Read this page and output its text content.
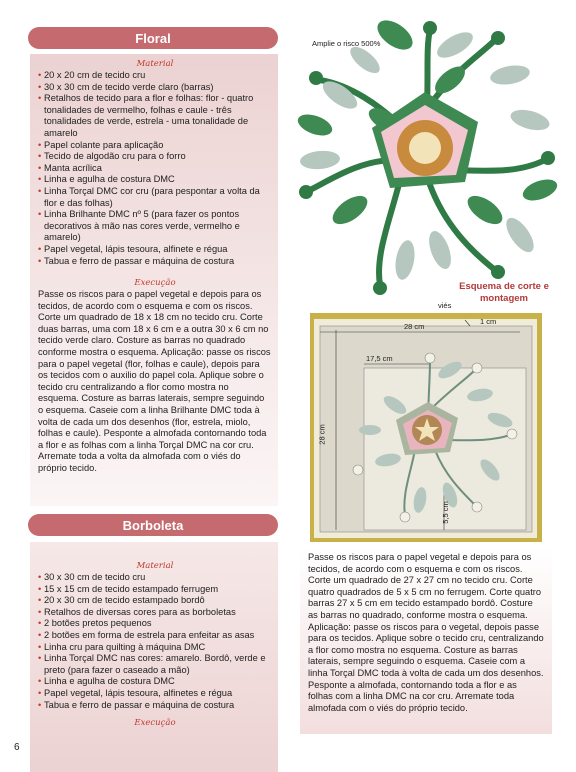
Floral
Material
• 20 x 20 cm de tecido cru
• 30 x 30 cm de tecido verde claro (barras)
• Retalhos de tecido para a flor e folhas: flor - quatro tonalidades de vermelho, folhas e caule - três tonalidades de verde, estrela - uma tonalidade de amarelo
• Papel colante para aplicação
• Tecido de algodão cru para o forro
• Manta acrílica
• Linha e agulha de costura DMC
• Linha Torçal DMC cor cru (para pespontar a volta da flor e das folhas)
• Linha Brilhante DMC nº 5 (para fazer os pontos decorativos à mão nas cores verde, vermelho e amarelo)
• Papel vegetal, lápis tesoura, alfinete e régua
• Tabua e ferro de passar e máquina de costura
Execução

Passe os riscos para o papel vegetal e depois para os tecidos, de acordo com o esquema e com os riscos. Corte um quadrado de 18 x 18 cm no tecido cru. Corte duas barras, uma com 18 x 6 cm e a outra 30 x 6 cm no tecido verde claro. Costure as barras no quadrado conforme mostra o esquema. Aplicação: passe os riscos para o papel vegetal (flor, folhas e caule), depois para os tecidos com o auxilio do papel cola. Aplique sobre o tecido cru centralizando a flor como mostra no esquema. Costure as barras laterais, sempre seguindo o esquema. Caseie com a linha Brilhante DMC toda à volta de cada um dos desenhos (flor, estrela, miolo, folhas e caule). Pesponte a almofada contornando toda a flor e as folhas com a linha Torçal DMC na cor cru. Arremate toda a volta da almofada com o viés do próprio tecido.

Borboleta
Material
• 30 x 30 cm de tecido cru
• 15 x 15 cm de tecido estampado ferrugem
• 20 x 30 cm de tecido estampado bordô
• Retalhos de diversas cores para as borboletas
• 2 botões pretos pequenos
• 2 botões em forma de estrela para enfeitar as asas
• Linha cru para quilting à máquina DMC
• Linha Torçal DMC nas cores: amarelo. Bordô, verde e preto (para fazer o caseado a mão)
• Linha e agulha de costura DMC
• Papel vegetal, lápis tesoura, alfinetes e régua
• Tabua e ferro de passar e máquina de costura
Execução
Amplie o risco 500%
Esquema de corte e montagem
viés
28 cm
1 cm
17,5 cm
28 cm
5,5 cm

Passe os riscos para o papel vegetal e depois para os tecidos, de acordo com o esquema e com os riscos. Corte um quadrado de 27 x 27 cm no tecido cru. Corte quatro quadrados de 5 x 5 cm no ferrugem. Corte quatro barras 27 x 5 cm em tecido estampado bordô. Costure as barras no quadrado, conforme mostra o esquema. Aplicação: passe os riscos para o vegetal, depois passe para os tecidos. Aplique sobre o tecido cru, centralizando a flor como mostra no esquema. Costure as barras laterais, sempre seguindo o esquema. Caseie com a linha Torçal DMC toda à volta de cada um dos desenhos. Pesponte a almofada, contornando toda a flor e as folhas com a linha DMC na cor cru. Arremate toda almofada com o viés do próprio tecido.

6
